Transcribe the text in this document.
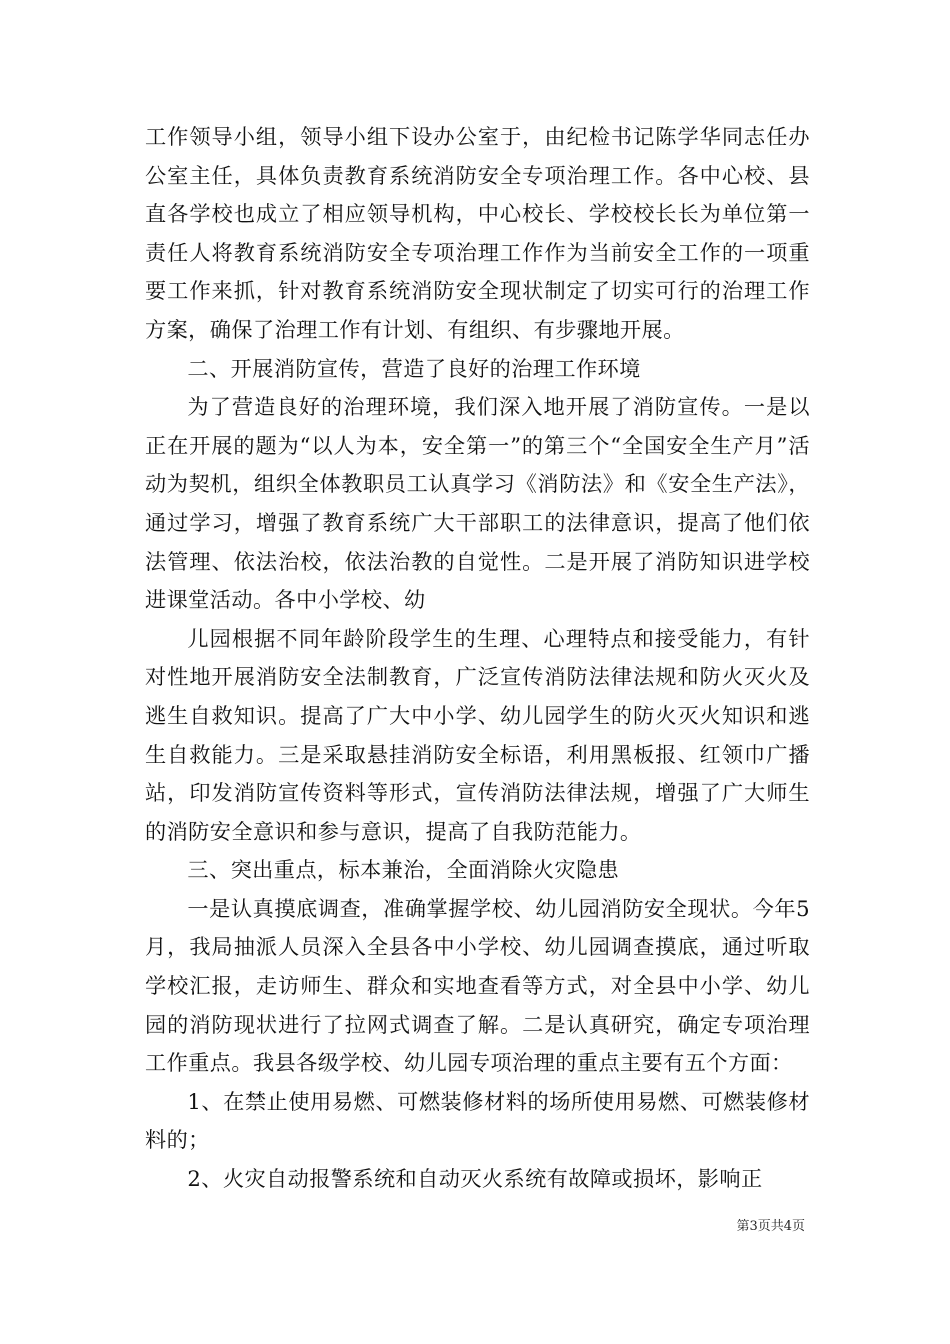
工作领导小组，领导小组下设办公室于，由纪检书记陈学华同志任办公室主任，具体负责教育系统消防安全专项治理工作。各中心校、县直各学校也成立了相应领导机构，中心校长、学校校长长为单位第一责任人将教育系统消防安全专项治理工作作为当前安全工作的一项重要工作来抓，针对教育系统消防安全现状制定了切实可行的治理工作方案，确保了治理工作有计划、有组织、有步骤地开展。

二、开展消防宣传，营造了良好的治理工作环境

为了营造良好的治理环境，我们深入地开展了消防宣传。一是以正在开展的题为“以人为本，安全第一”的第三个“全国安全生产月”活动为契机，组织全体教职员工认真学习《消防法》和《安全生产法》，通过学习，增强了教育系统广大干部职工的法律意识，提高了他们依法管理、依法治校，依法治教的自觉性。二是开展了消防知识进学校进课堂活动。各中小学校、幼

儿园根据不同年龄阶段学生的生理、心理特点和接受能力，有针对性地开展消防安全法制教育，广泛宣传消防法律法规和防火灭火及逃生自救知识。提高了广大中小学、幼儿园学生的防火灭火知识和逃生自救能力。三是采取悬挂消防安全标语，利用黑板报、红领巾广播站，印发消防宣传资料等形式，宣传消防法律法规，增强了广大师生的消防安全意识和参与意识，提高了自我防范能力。

三、突出重点，标本兼治，全面消除火灾隐患

一是认真摸底调查，准确掌握学校、幼儿园消防安全现状。今年5月，我局抽派人员深入全县各中小学校、幼儿园调查摸底，通过听取学校汇报，走访师生、群众和实地查看等方式，对全县中小学、幼儿园的消防现状进行了拉网式调查了解。二是认真研究，确定专项治理工作重点。我县各级学校、幼儿园专项治理的重点主要有五个方面：

1、在禁止使用易燃、可燃装修材料的场所使用易燃、可燃装修材料的；

2、火灾自动报警系统和自动灭火系统有故障或损坏，影响正

第3页共4页
